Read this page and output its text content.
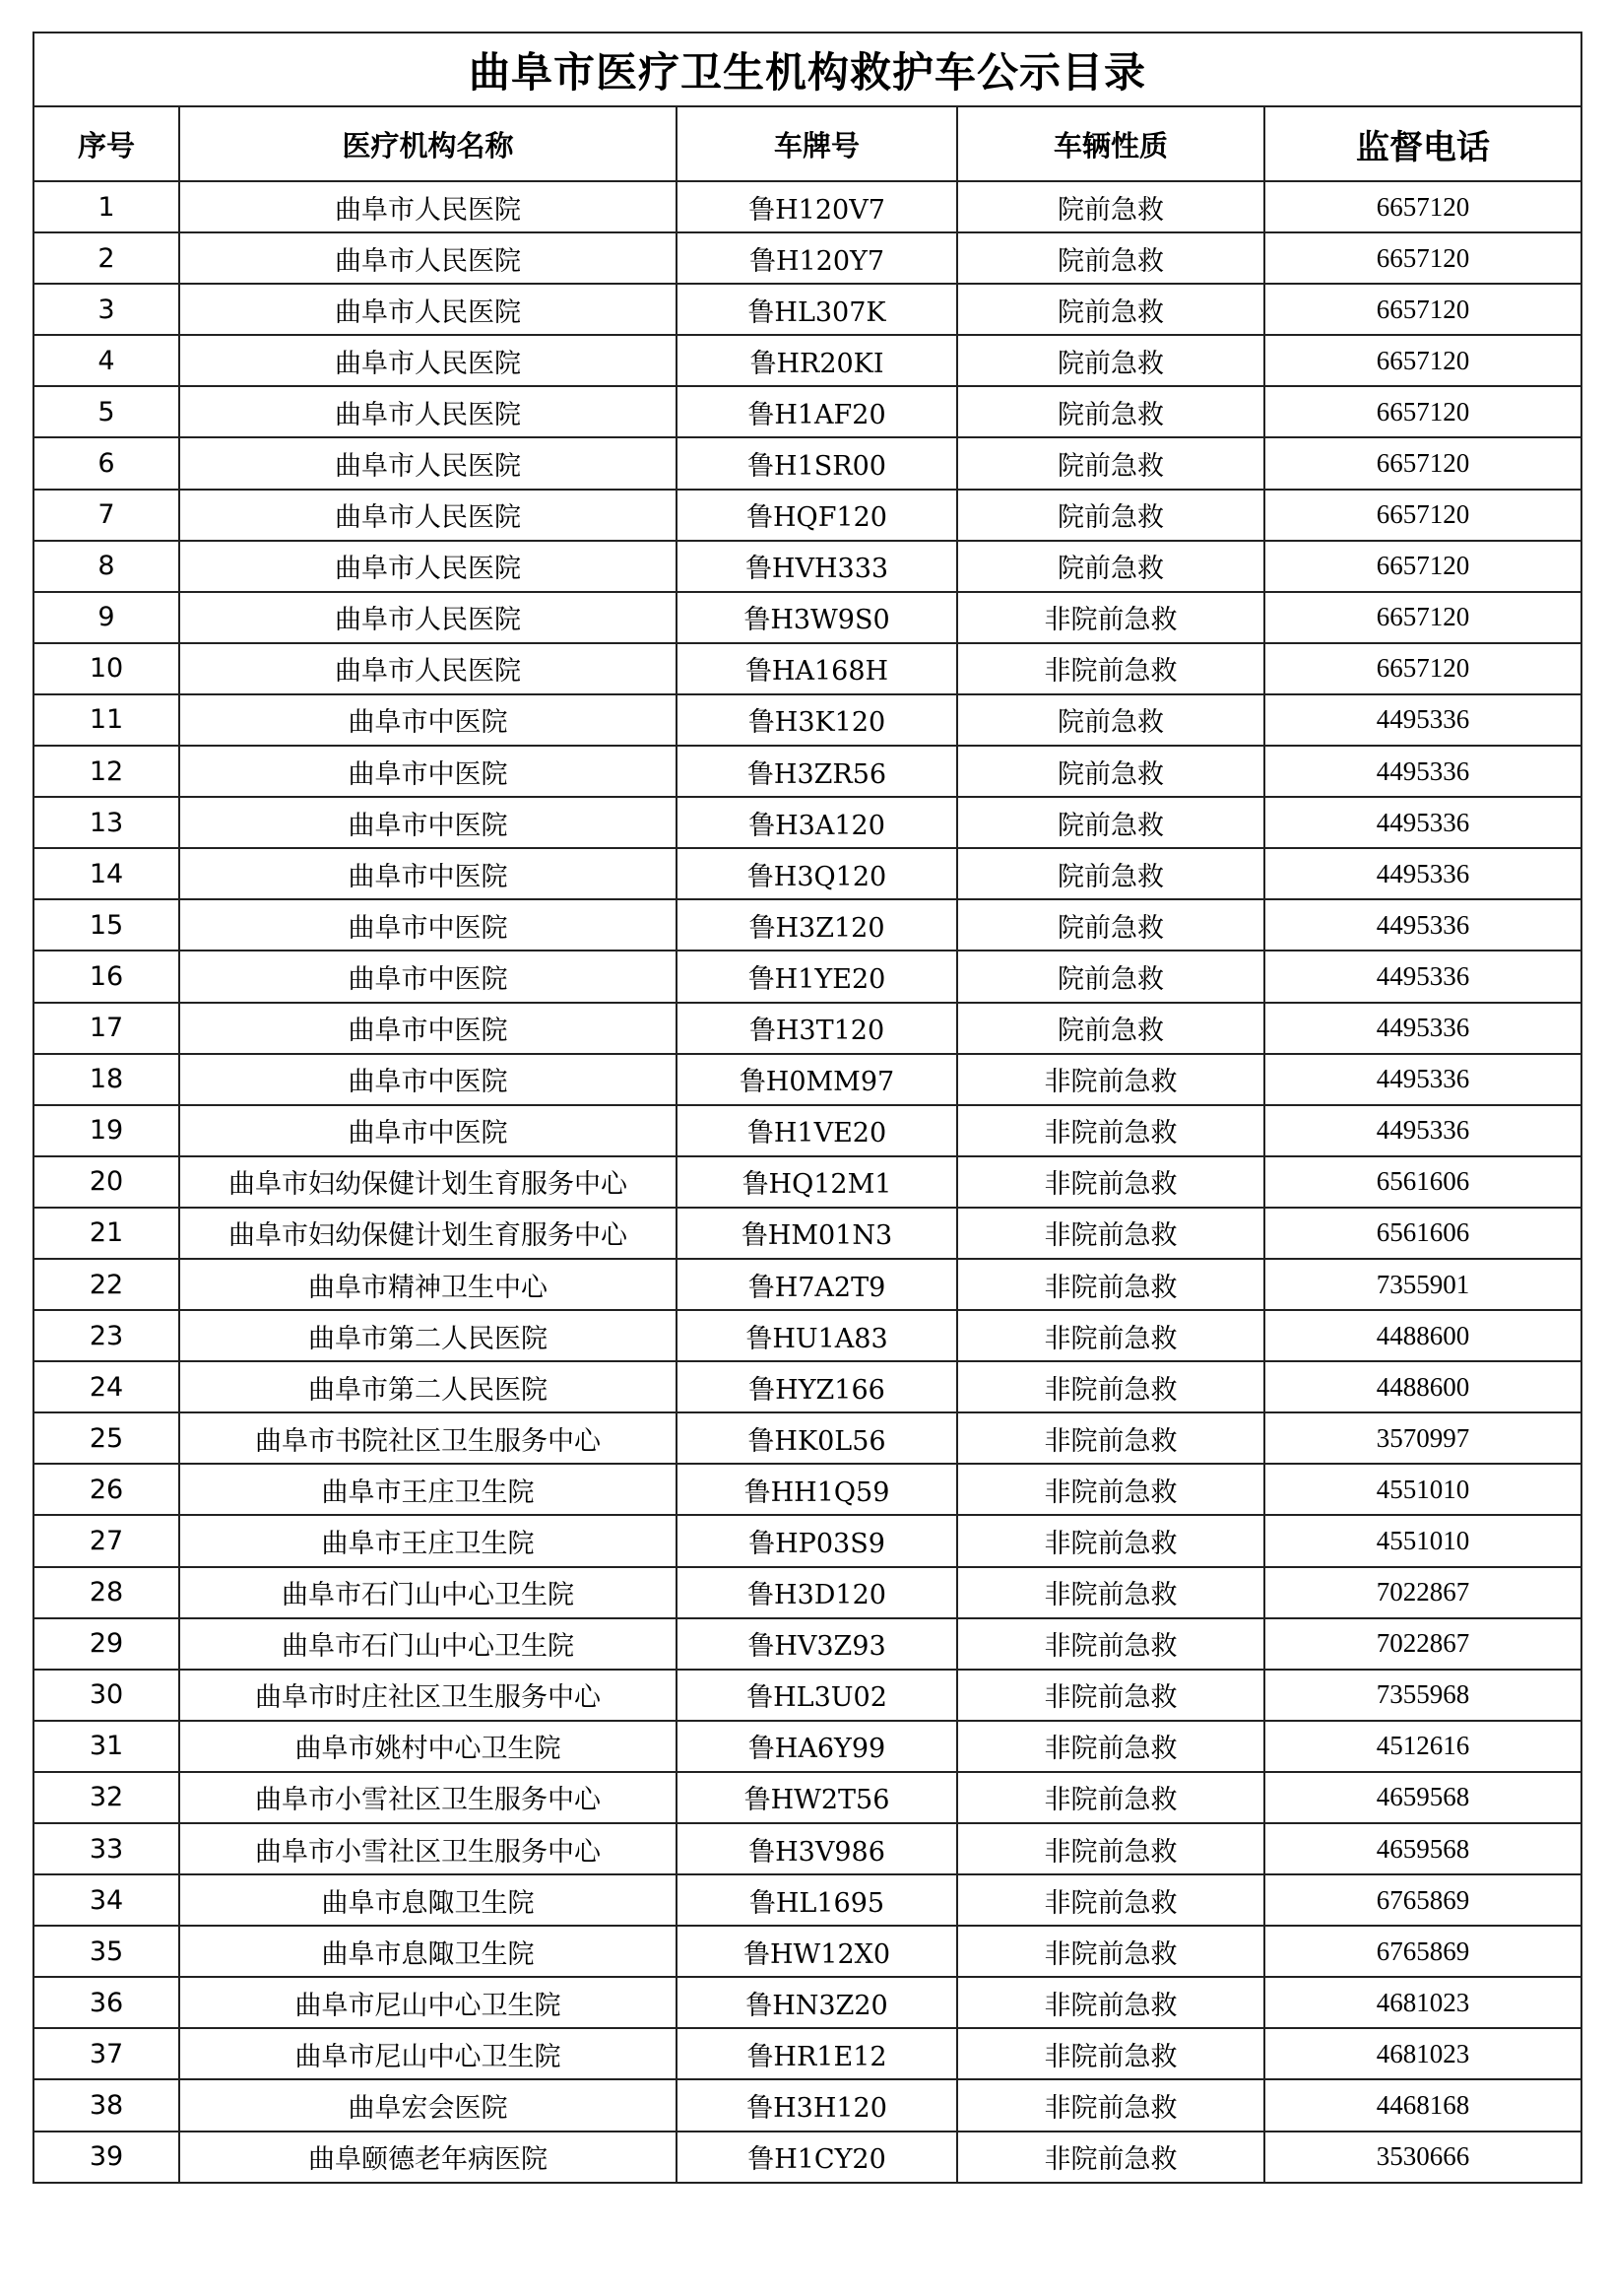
曲阜市医疗卫生机构救护车公示目录				
序号	医疗机构名称	车牌号	车辆性质	监督电话
1	曲阜市人民医院	鲁H120V7	院前急救	6657120
2	曲阜市人民医院	鲁H120Y7	院前急救	6657120
3	曲阜市人民医院	鲁HL307K	院前急救	6657120
4	曲阜市人民医院	鲁HR20KI	院前急救	6657120
5	曲阜市人民医院	鲁H1AF20	院前急救	6657120
6	曲阜市人民医院	鲁H1SR00	院前急救	6657120
7	曲阜市人民医院	鲁HQF120	院前急救	6657120
8	曲阜市人民医院	鲁HVH333	院前急救	6657120
9	曲阜市人民医院	鲁H3W9S0	非院前急救	6657120
10	曲阜市人民医院	鲁HA168H	非院前急救	6657120
11	曲阜市中医院	鲁H3K120	院前急救	4495336
12	曲阜市中医院	鲁H3ZR56	院前急救	4495336
13	曲阜市中医院	鲁H3A120	院前急救	4495336
14	曲阜市中医院	鲁H3Q120	院前急救	4495336
15	曲阜市中医院	鲁H3Z120	院前急救	4495336
16	曲阜市中医院	鲁H1YE20	院前急救	4495336
17	曲阜市中医院	鲁H3T120	院前急救	4495336
18	曲阜市中医院	鲁H0MM97	非院前急救	4495336
19	曲阜市中医院	鲁H1VE20	非院前急救	4495336
20	曲阜市妇幼保健计划生育服务中心	鲁HQ12M1	非院前急救	6561606
21	曲阜市妇幼保健计划生育服务中心	鲁HM01N3	非院前急救	6561606
22	曲阜市精神卫生中心	鲁H7A2T9	非院前急救	7355901
23	曲阜市第二人民医院	鲁HU1A83	非院前急救	4488600
24	曲阜市第二人民医院	鲁HYZ166	非院前急救	4488600
25	曲阜市书院社区卫生服务中心	鲁HK0L56	非院前急救	3570997
26	曲阜市王庄卫生院	鲁HH1Q59	非院前急救	4551010
27	曲阜市王庄卫生院	鲁HP03S9	非院前急救	4551010
28	曲阜市石门山中心卫生院	鲁H3D120	非院前急救	7022867
29	曲阜市石门山中心卫生院	鲁HV3Z93	非院前急救	7022867
30	曲阜市时庄社区卫生服务中心	鲁HL3U02	非院前急救	7355968
31	曲阜市姚村中心卫生院	鲁HA6Y99	非院前急救	4512616
32	曲阜市小雪社区卫生服务中心	鲁HW2T56	非院前急救	4659568
33	曲阜市小雪社区卫生服务中心	鲁H3V986	非院前急救	4659568
34	曲阜市息陬卫生院	鲁HL1695	非院前急救	6765869
35	曲阜市息陬卫生院	鲁HW12X0	非院前急救	6765869
36	曲阜市尼山中心卫生院	鲁HN3Z20	非院前急救	4681023
37	曲阜市尼山中心卫生院	鲁HR1E12	非院前急救	4681023
38	曲阜宏会医院	鲁H3H120	非院前急救	4468168
39	曲阜颐德老年病医院	鲁H1CY20	非院前急救	3530666
